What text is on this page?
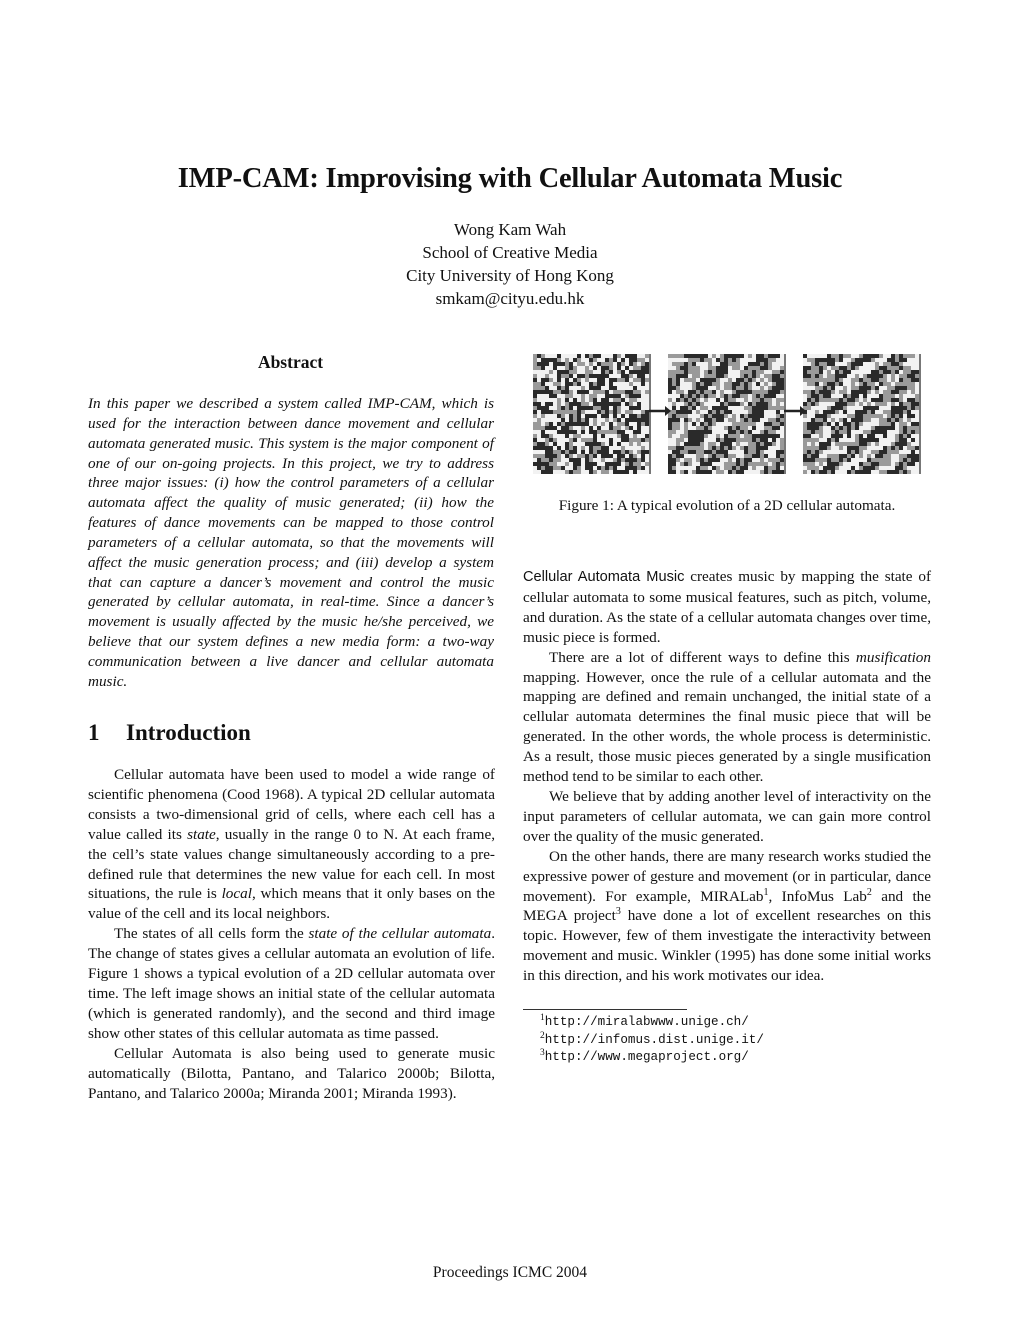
IMP-CAM: Improvising with Cellular Automata Music
Wong Kam Wah
School of Creative Media
City University of Hong Kong
smkam@cityu.edu.hk
Abstract
In this paper we described a system called IMP-CAM, which is used for the interaction between dance movement and cellular automata generated music. This system is the major component of one of our on-going projects. In this project, we try to address three major issues: (i) how the control parameters of a cellular automata affect the quality of music generated; (ii) how the features of dance movements can be mapped to those control parameters of a cellular automata, so that the movements will affect the music generation process; and (iii) develop a system that can capture a dancer’s movement and control the music generated by cellular automata, in real-time. Since a dancer’s movement is usually affected by the music he/she perceived, we believe that our system defines a new media form: a two-way communication between a live dancer and cellular automata music.
1 Introduction

Cellular automata have been used to model a wide range of scientific phenomena (Cood 1968). A typical 2D cellular automata consists a two-dimensional grid of cells, where each cell has a value called its state, usually in the range 0 to N. At each frame, the cell’s state values change simultaneously according to a pre-defined rule that determines the new value for each cell. In most situations, the rule is local, which means that it only bases on the value of the cell and its local neighbors.

The states of all cells form the state of the cellular automata. The change of states gives a cellular automata an evolution of life. Figure 1 shows a typical evolution of a 2D cellular automata over time. The left image shows an initial state of the cellular automata (which is generated randomly), and the second and third image show other states of this cellular automata as time passed.

Cellular Automata is also being used to generate music automatically (Bilotta, Pantano, and Talarico 2000b; Bilotta, Pantano, and Talarico 2000a; Miranda 2001; Miranda 1993).

Figure 1: A typical evolution of a 2D cellular automata.

Cellular Automata Music creates music by mapping the state of cellular automata to some musical features, such as pitch, volume, and duration. As the state of a cellular automata changes over time, music piece is formed.

There are a lot of different ways to define this musification mapping. However, once the rule of a cellular automata and the mapping are defined and remain unchanged, the initial state of a cellular automata determines the final music piece that will be generated. In the other words, the whole process is deterministic. As a result, those music pieces generated by a single musification method tend to be similar to each other.

We believe that by adding another level of interactivity on the input parameters of cellular automata, we can gain more control over the quality of the music generated.

On the other hands, there are many research works studied the expressive power of gesture and movement (or in particular, dance movement). For example, MIRALab$^1$, InfoMus Lab$^2$ and the MEGA project$^3$ have done a lot of excellent researches on this topic. However, few of them investigate the interactivity between movement and music. Winkler (1995) has done some initial works in this direction, and his work motivates our idea.

$^1$http://miralabwww.unige.ch/
$^2$http://infomus.dist.unige.it/
$^3$http://www.megaproject.org/
Proceedings ICMC 2004
